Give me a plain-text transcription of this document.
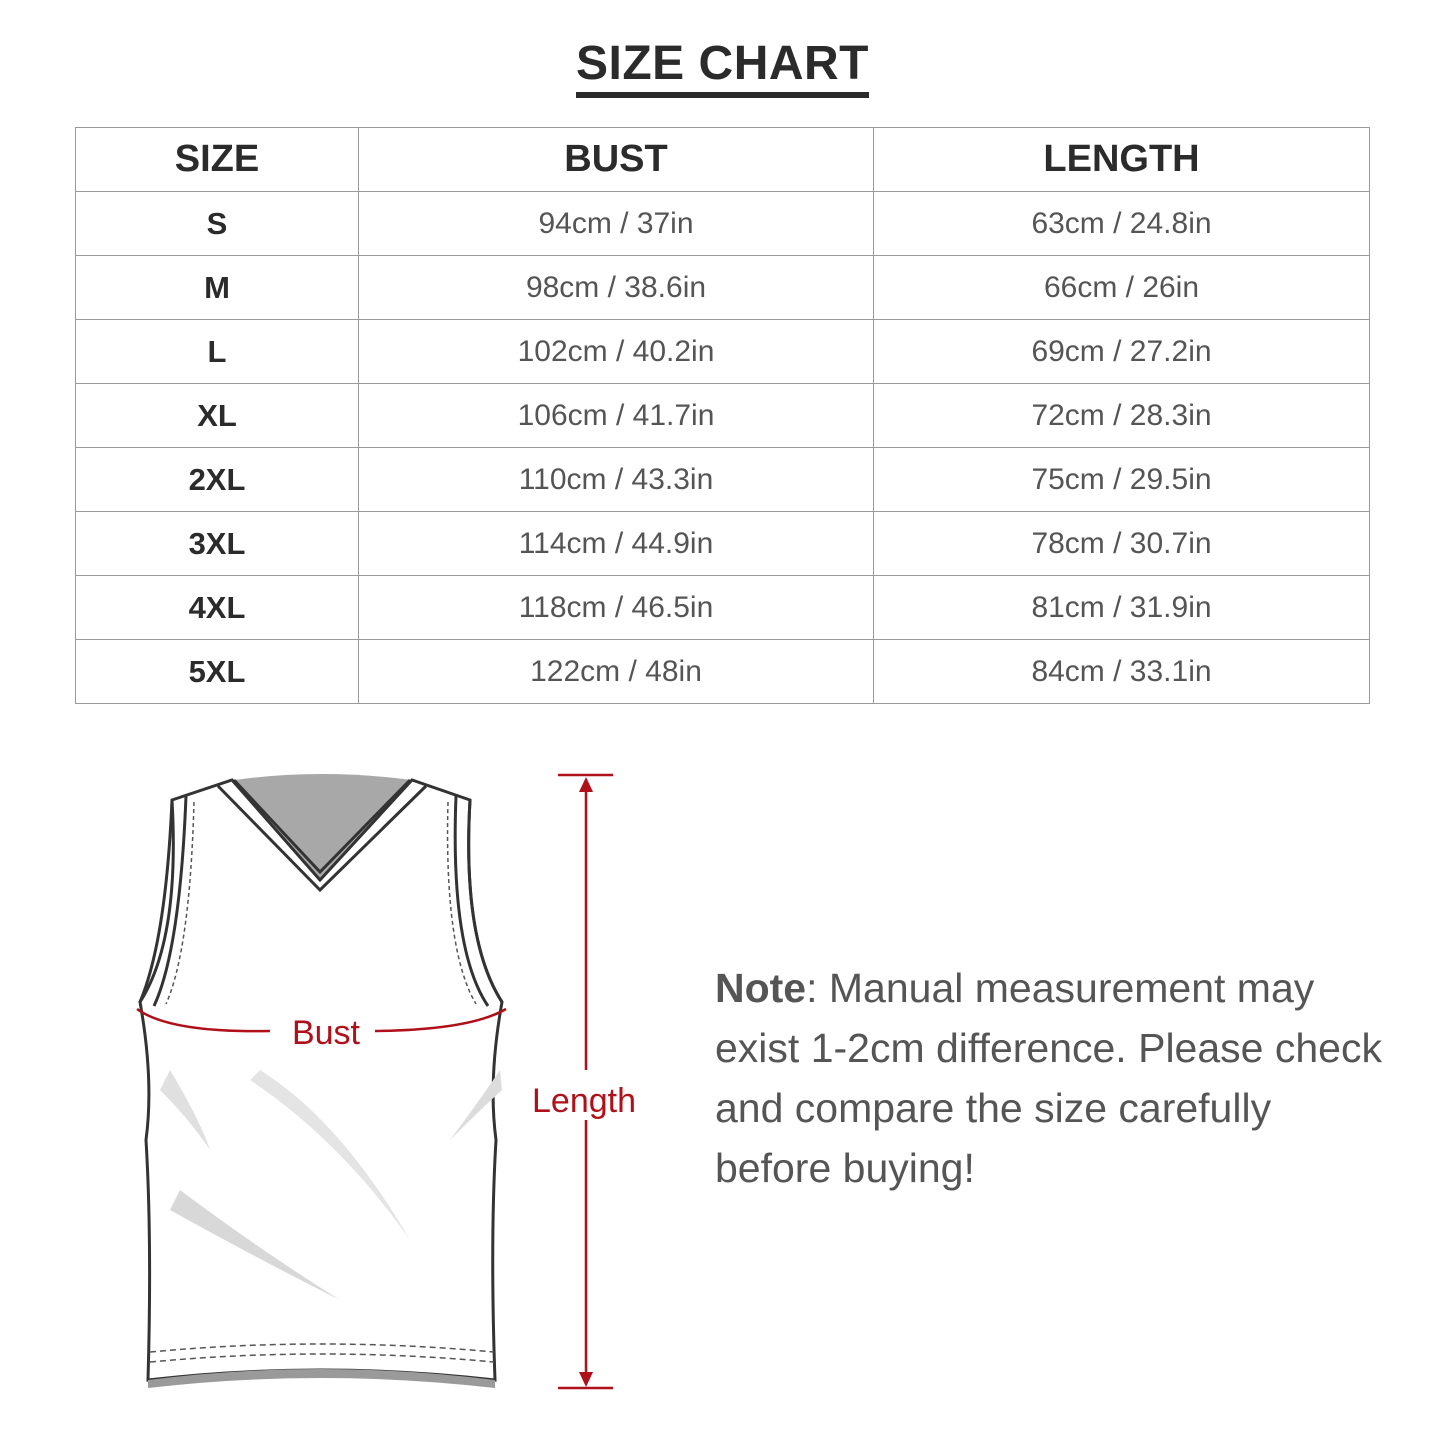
SIZE CHART
SIZE	BUST	LENGTH
S	94cm / 37in	63cm / 24.8in
M	98cm / 38.6in	66cm / 26in
L	102cm / 40.2in	69cm / 27.2in
XL	106cm / 41.7in	72cm / 28.3in
2XL	110cm / 43.3in	75cm / 29.5in
3XL	114cm / 44.9in	78cm / 30.7in
4XL	118cm / 46.5in	81cm / 31.9in
5XL	122cm / 48in	84cm / 33.1in
Bust
Length
Note: Manual measurement may exist 1-2cm difference. Please check and compare the size carefully before buying!
